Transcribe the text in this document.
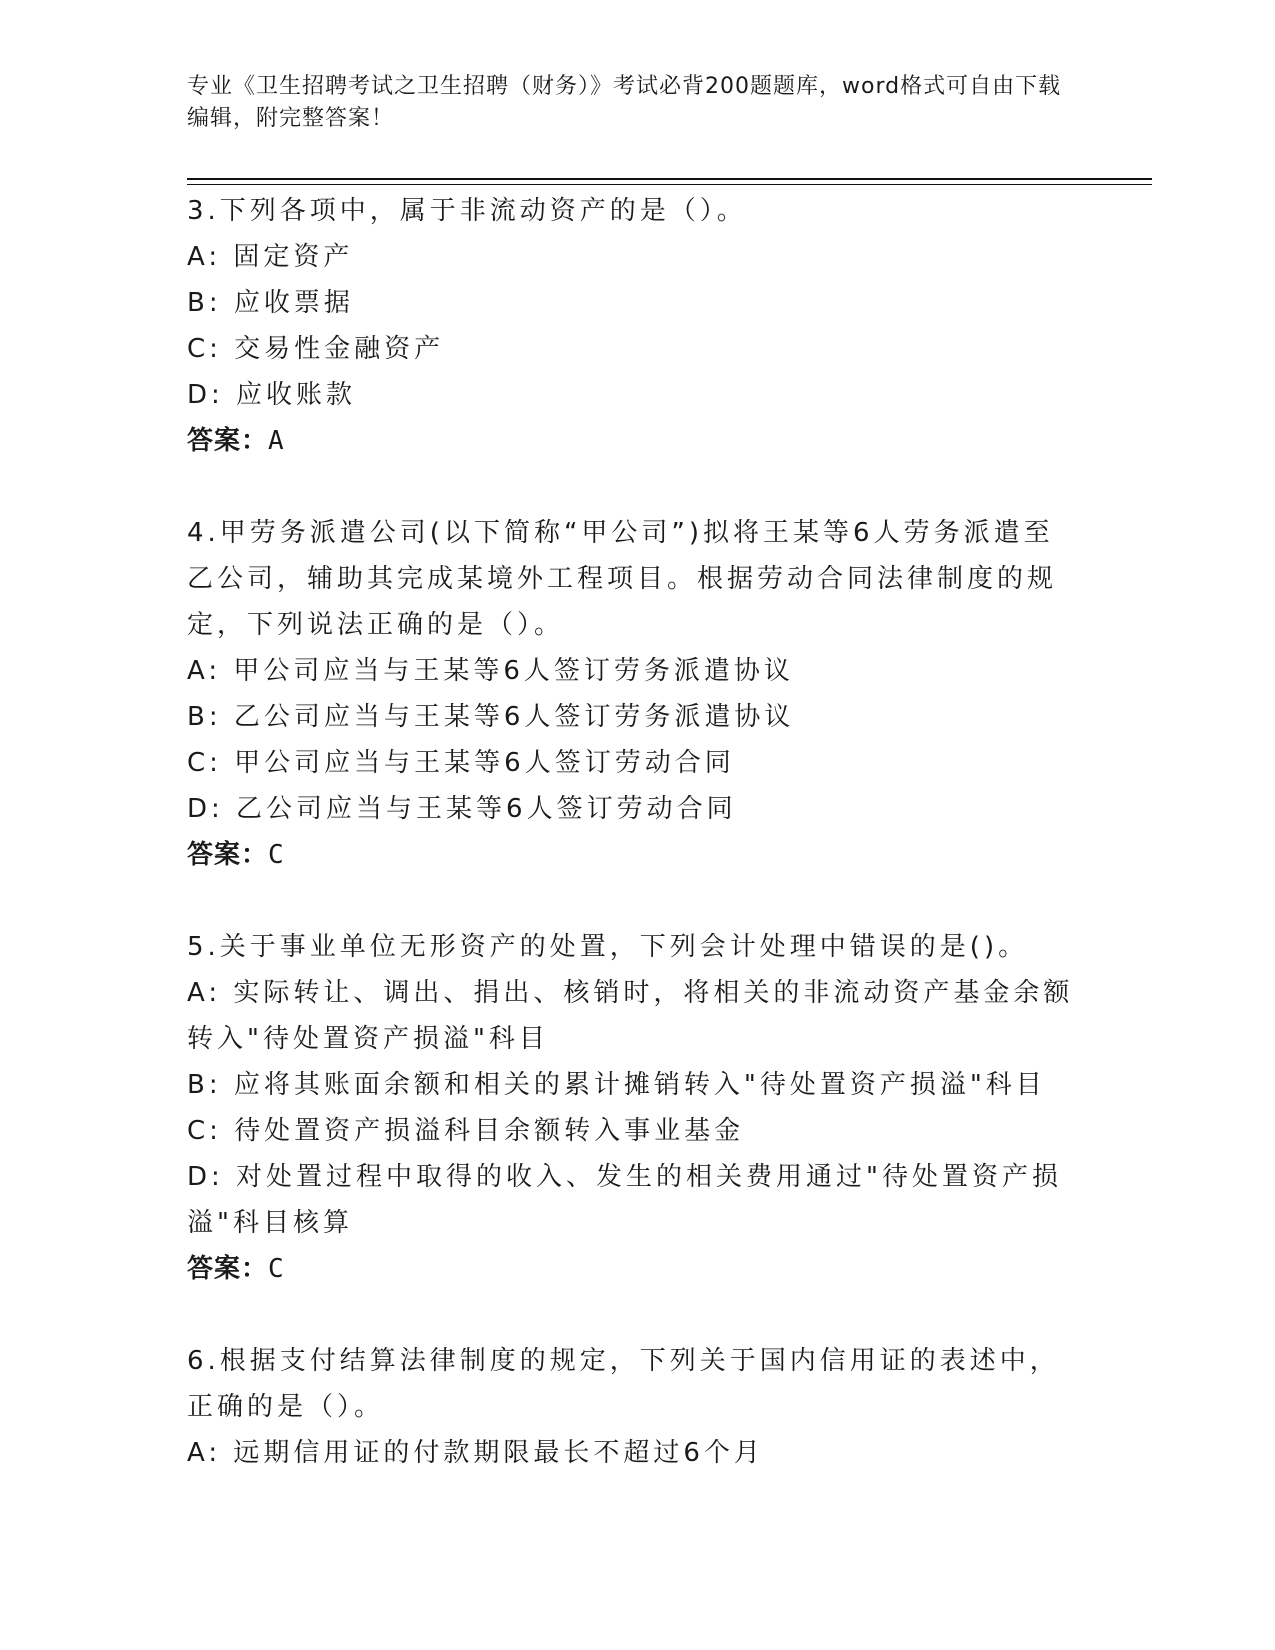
专业《卫生招聘考试之卫生招聘（财务）》考试必背200题题库，word格式可自由下载编辑，附完整答案！
3.下列各项中，属于非流动资产的是（）。
A: 固定资产
B: 应收票据
C: 交易性金融资产
D: 应收账款
答案：A
4.甲劳务派遣公司(以下简称“甲公司”)拟将王某等6人劳务派遣至乙公司，辅助其完成某境外工程项目。根据劳动合同法律制度的规定，下列说法正确的是（）。
A: 甲公司应当与王某等6人签订劳务派遣协议
B: 乙公司应当与王某等6人签订劳务派遣协议
C: 甲公司应当与王某等6人签订劳动合同
D: 乙公司应当与王某等6人签订劳动合同
答案：C
5.关于事业单位无形资产的处置，下列会计处理中错误的是()。
A: 实际转让、调出、捐出、核销时，将相关的非流动资产基金余额转入"待处置资产损溢"科目
B: 应将其账面余额和相关的累计摊销转入"待处置资产损溢"科目
C: 待处置资产损溢科目余额转入事业基金
D: 对处置过程中取得的收入、发生的相关费用通过"待处置资产损溢"科目核算
答案：C
6.根据支付结算法律制度的规定，下列关于国内信用证的表述中，正确的是（）。
A: 远期信用证的付款期限最长不超过6个月
